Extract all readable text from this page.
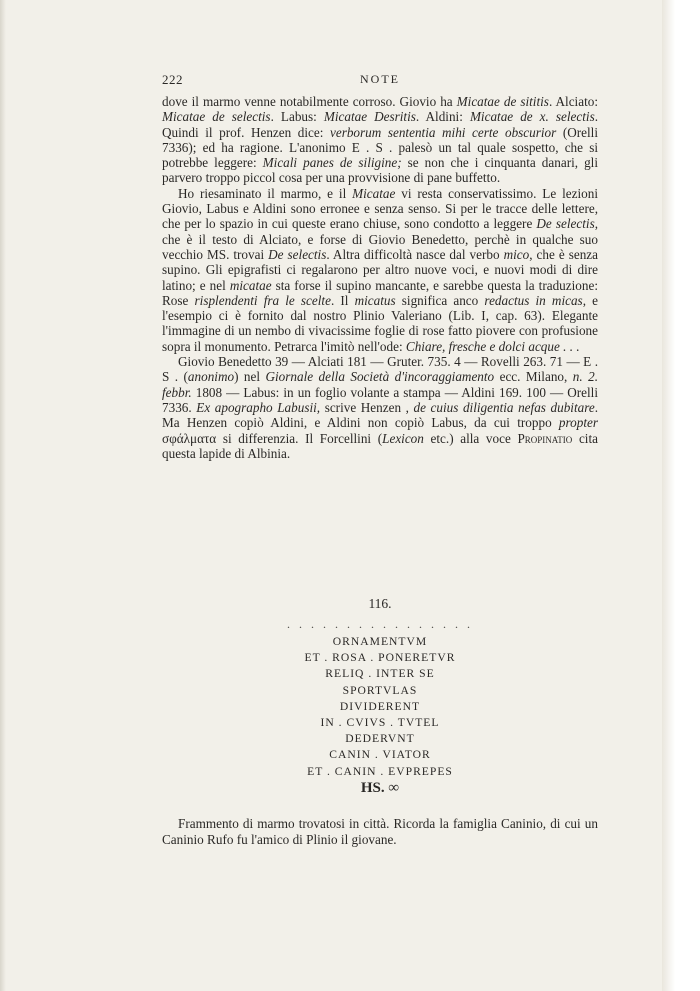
222	NOTE

dove il marmo venne notabilmente corroso. Giovio ha Micatae de sititis. Alciato: Micatae de selectis. Labus: Micatae Desritis. Aldini: Micatae de x. selectis. Quindi il prof. Henzen dice: verborum sententia mihi certe obscurior (Orelli 7336); ed ha ragione. L'anonimo E . S . palesò un tal quale sospetto, che si potrebbe leggere: Micali panes de siligine; se non che i cinquanta danari, gli parvero troppo piccol cosa per una provvisione di pane buffetto.

Ho riesaminato il marmo, e il Micatae vi resta conservatissimo. Le lezioni Giovio, Labus e Aldini sono erronee e senza senso. Si per le tracce delle lettere, che per lo spazio in cui queste erano chiuse, sono condotto a leggere De selectis, che è il testo di Alciato, e forse di Giovio Benedetto, perchè in qualche suo vecchio MS. trovai De selectis. Altra difficoltà nasce dal verbo mico, che è senza supino. Gli epigrafisti ci regalarono per altro nuove voci, e nuovi modi di dire latino; e nel micatae sta forse il supino mancante, e sarebbe questa la traduzione: Rose risplendenti fra le scelte. Il micatus significa anco redactus in micas, e l'esempio ci è fornito dal nostro Plinio Valeriano (Lib. I, cap. 63). Elegante l'immagine di un nembo di vivacissime foglie di rose fatto piovere con profusione sopra il monumento. Petrarca l'imitò nell'ode: Chiare, fresche e dolci acque . . .

Giovio Benedetto 39 — Alciati 181 — Gruter. 735. 4 — Rovelli 263. 71 — E . S . (anonimo) nel Giornale della Società d'incoraggiamento ecc. Milano, n. 2. febbr. 1808 — Labus: in un foglio volante a stampa — Aldini 169. 100 — Orelli 7336. Ex apographo Labusii, scrive Henzen , de cuius diligentia nefas dubitare. Ma Henzen copiò Aldini, e Aldini non copiò Labus, da cui troppo propter σφάλματα si differenzia. Il Forcellini (Lexicon etc.) alla voce Propinatio cita questa lapide di Albinia.

116.
. . . . . . . . . . . . . . . .
ORNAMENTVM
ET . ROSA . PONERETVR
RELIQ . INTER SE
SPORTVLAS
DIVIDERENT
IN . CVIVS . TVTEL
DEDERVNT
CANIN . VIATOR
ET . CANIN . EVPREPES
HS. ∞

Frammento di marmo trovatosi in città. Ricorda la famiglia Caninio, di cui un Caninio Rufo fu l'amico di Plinio il giovane.
